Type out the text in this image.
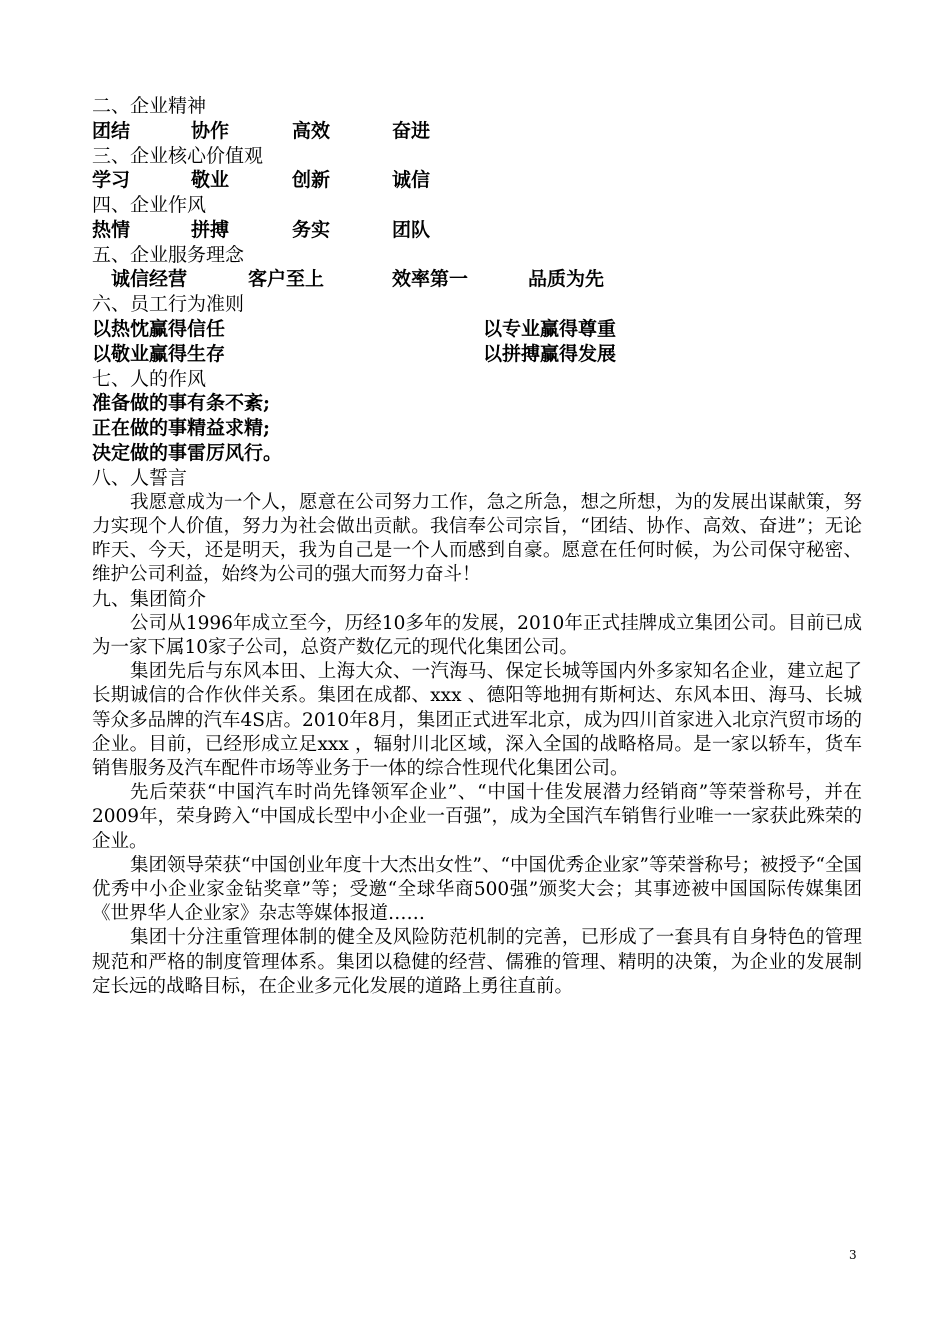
二、企业精神
团结	协作	高效	奋进
三、企业核心价值观
学习	敬业	创新	诚信
四、企业作风
热情	拼搏	务实	团队
五、企业服务理念
诚信经营	客户至上	效率第一	品质为先
六、员工行为准则
以热忱赢得信任	以专业赢得尊重
以敬业赢得生存	以拼搏赢得发展
七、人的作风
准备做的事有条不紊;
正在做的事精益求精;
决定做的事雷厉风行。
八、人誓言

我愿意成为一个人，愿意在公司努力工作，急之所急，想之所想，为的发展出谋献策，努力实现个人价值，努力为社会做出贡献。我信奉公司宗旨，“团结、协作、高效、奋进”；无论昨天、今天，还是明天，我为自己是一个人而感到自豪。愿意在任何时候，为公司保守秘密、维护公司利益，始终为公司的强大而努力奋斗！

九、集团简介

公司从1996年成立至今，历经10多年的发展，2010年正式挂牌成立集团公司。目前已成为一家下属10家子公司，总资产数亿元的现代化集团公司。

集团先后与东风本田、上海大众、一汽海马、保定长城等国内外多家知名企业，建立起了长期诚信的合作伙伴关系。集团在成都、xxx 、德阳等地拥有斯柯达、东风本田、海马、长城等众多品牌的汽车4S店。2010年8月，集团正式进军北京，成为四川首家进入北京汽贸市场的企业。目前，已经形成立足xxx ，辐射川北区域，深入全国的战略格局。是一家以轿车，货车销售服务及汽车配件市场等业务于一体的综合性现代化集团公司。

先后荣获“中国汽车时尚先锋领军企业”、“中国十佳发展潜力经销商”等荣誉称号，并在2009年，荣身跨入“中国成长型中小企业一百强”，成为全国汽车销售行业唯一一家获此殊荣的企业。

集团领导荣获“中国创业年度十大杰出女性”、“中国优秀企业家”等荣誉称号；被授予“全国优秀中小企业家金钻奖章”等；受邀“全球华商500强”颁奖大会；其事迹被中国国际传媒集团《世界华人企业家》杂志等媒体报道……

集团十分注重管理体制的健全及风险防范机制的完善，已形成了一套具有自身特色的管理规范和严格的制度管理体系。集团以稳健的经营、儒雅的管理、精明的决策，为企业的发展制定长远的战略目标，在企业多元化发展的道路上勇往直前。

3
